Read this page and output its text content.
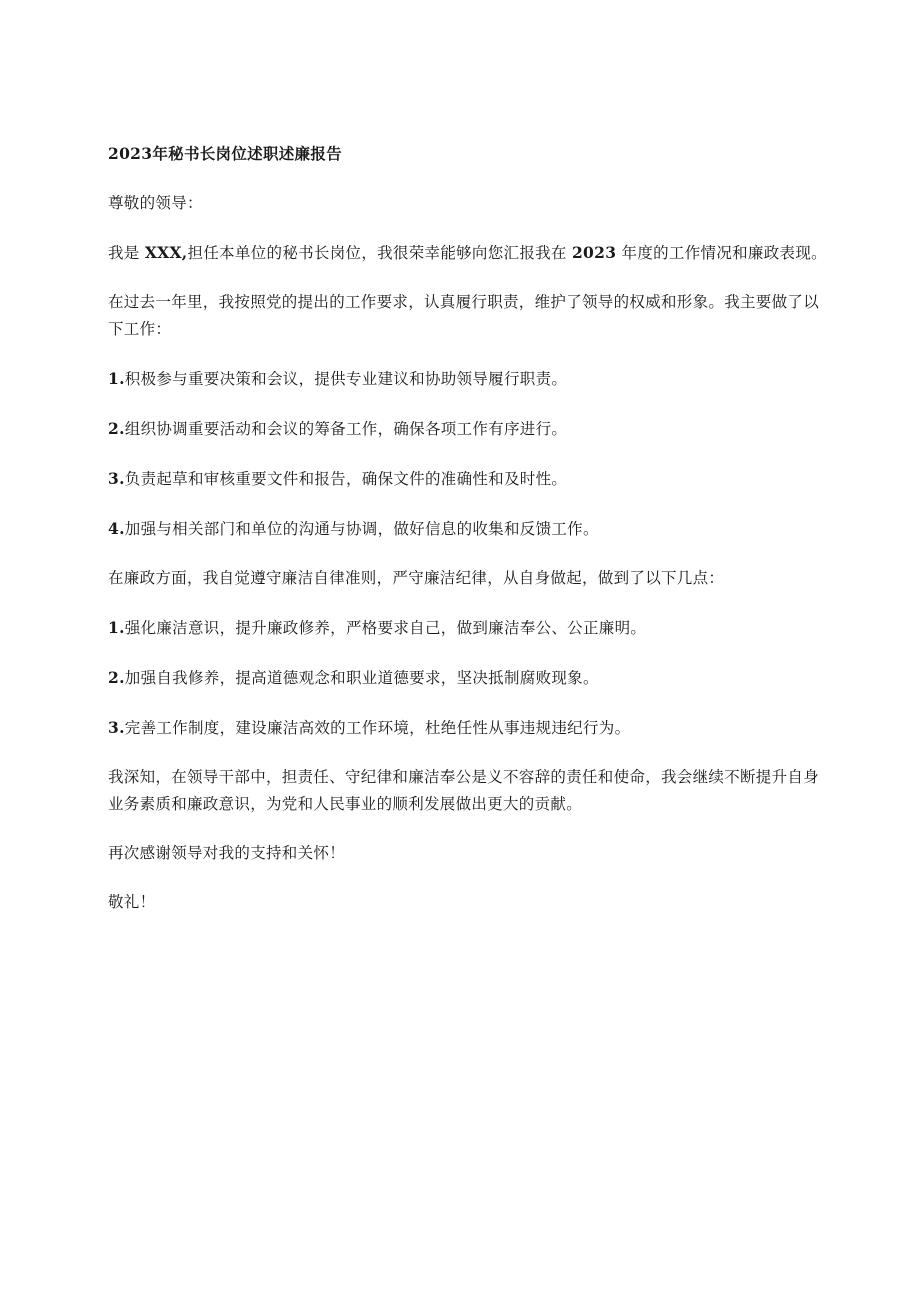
2023年秘书长岗位述职述廉报告

尊敬的领导：

我是 XXX,担任本单位的秘书长岗位，我很荣幸能够向您汇报我在 2023 年度的工作情况和廉政表现。

在过去一年里，我按照党的提出的工作要求，认真履行职责，维护了领导的权威和形象。我主要做了以下工作：

1.积极参与重要决策和会议，提供专业建议和协助领导履行职责。

2.组织协调重要活动和会议的筹备工作，确保各项工作有序进行。

3.负责起草和审核重要文件和报告，确保文件的准确性和及时性。

4.加强与相关部门和单位的沟通与协调，做好信息的收集和反馈工作。

在廉政方面，我自觉遵守廉洁自律准则，严守廉洁纪律，从自身做起，做到了以下几点：

1.强化廉洁意识，提升廉政修养，严格要求自己，做到廉洁奉公、公正廉明。

2.加强自我修养，提高道德观念和职业道德要求，坚决抵制腐败现象。

3.完善工作制度，建设廉洁高效的工作环境，杜绝任性从事违规违纪行为。

我深知，在领导干部中，担责任、守纪律和廉洁奉公是义不容辞的责任和使命，我会继续不断提升自身业务素质和廉政意识，为党和人民事业的顺利发展做出更大的贡献。

再次感谢领导对我的支持和关怀！

敬礼！
